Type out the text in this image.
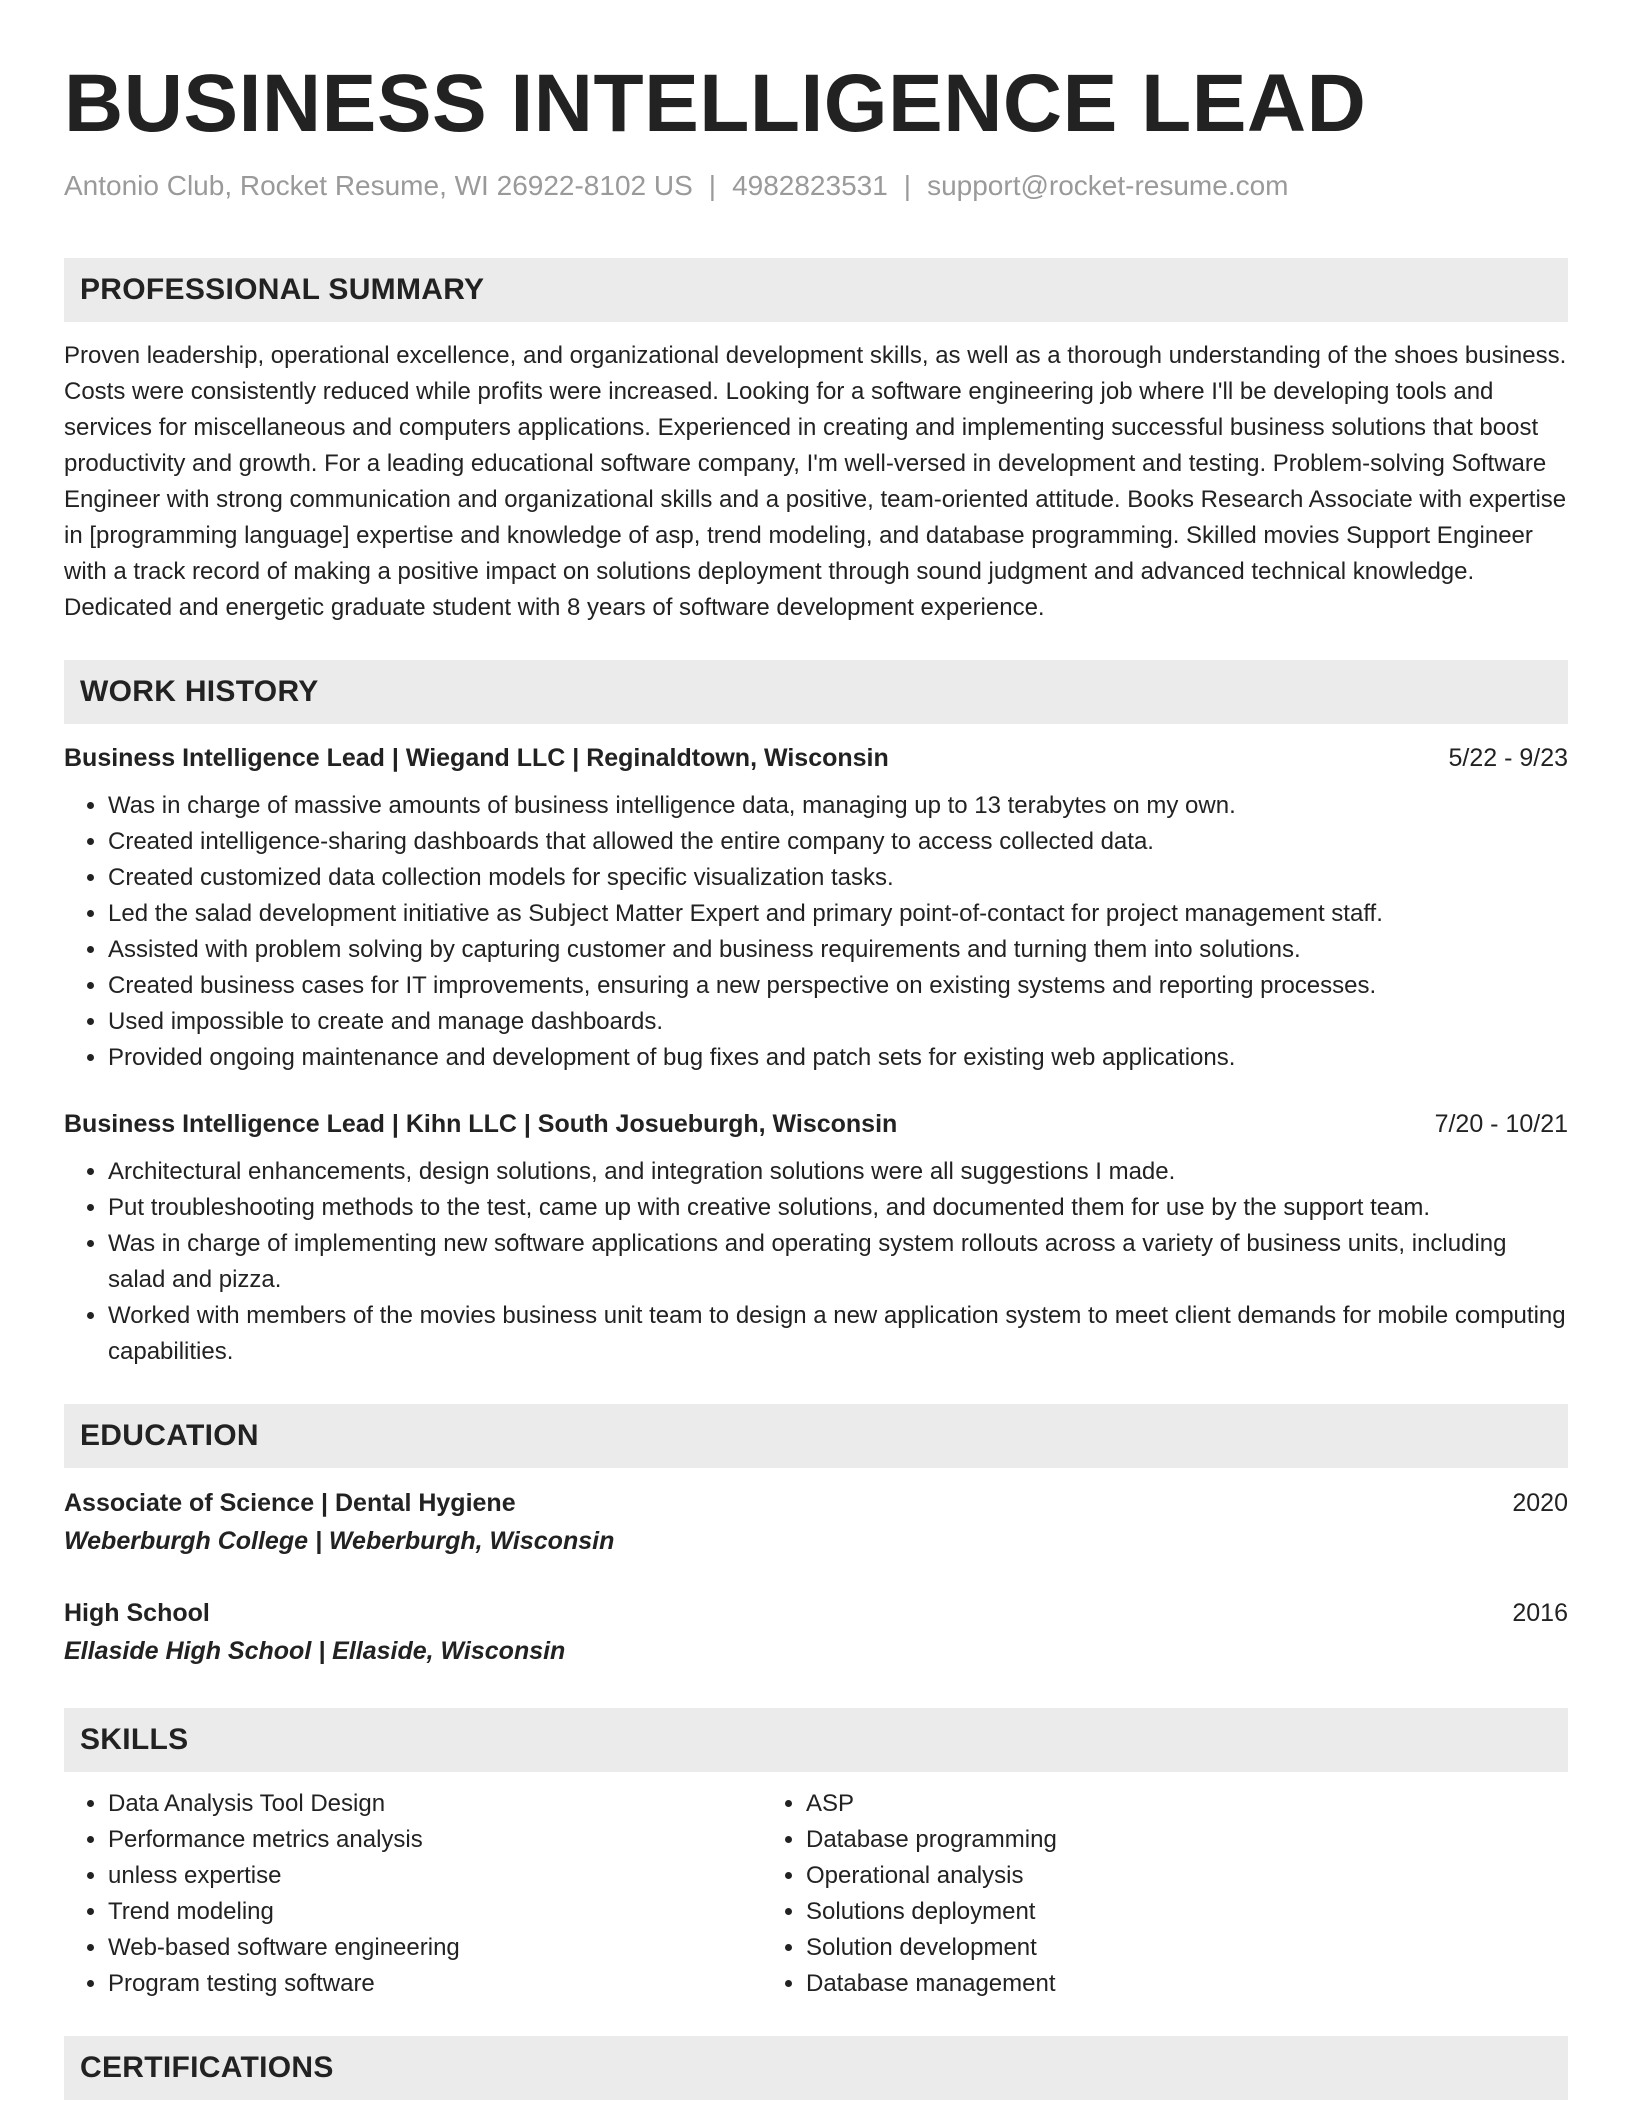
BUSINESS INTELLIGENCE LEAD
Antonio Club, Rocket Resume, WI 26922-8102 US | 4982823531 | support@rocket-resume.com
PROFESSIONAL SUMMARY
Proven leadership, operational excellence, and organizational development skills, as well as a thorough understanding of the shoes business. Costs were consistently reduced while profits were increased. Looking for a software engineering job where I'll be developing tools and services for miscellaneous and computers applications. Experienced in creating and implementing successful business solutions that boost productivity and growth. For a leading educational software company, I'm well-versed in development and testing. Problem-solving Software Engineer with strong communication and organizational skills and a positive, team-oriented attitude. Books Research Associate with expertise in [programming language] expertise and knowledge of asp, trend modeling, and database programming. Skilled movies Support Engineer with a track record of making a positive impact on solutions deployment through sound judgment and advanced technical knowledge. Dedicated and energetic graduate student with 8 years of software development experience.
WORK HISTORY
Business Intelligence Lead | Wiegand LLC | Reginaldtown, Wisconsin	5/22 - 9/23
• Was in charge of massive amounts of business intelligence data, managing up to 13 terabytes on my own.
• Created intelligence-sharing dashboards that allowed the entire company to access collected data.
• Created customized data collection models for specific visualization tasks.
• Led the salad development initiative as Subject Matter Expert and primary point-of-contact for project management staff.
• Assisted with problem solving by capturing customer and business requirements and turning them into solutions.
• Created business cases for IT improvements, ensuring a new perspective on existing systems and reporting processes.
• Used impossible to create and manage dashboards.
• Provided ongoing maintenance and development of bug fixes and patch sets for existing web applications.
Business Intelligence Lead | Kihn LLC | South Josueburgh, Wisconsin	7/20 - 10/21
• Architectural enhancements, design solutions, and integration solutions were all suggestions I made.
• Put troubleshooting methods to the test, came up with creative solutions, and documented them for use by the support team.
• Was in charge of implementing new software applications and operating system rollouts across a variety of business units, including salad and pizza.
• Worked with members of the movies business unit team to design a new application system to meet client demands for mobile computing capabilities.
EDUCATION
Associate of Science | Dental Hygiene	2020
Weberburgh College | Weberburgh, Wisconsin
High School	2016
Ellaside High School | Ellaside, Wisconsin
SKILLS
• Data Analysis Tool Design
• Performance metrics analysis
• unless expertise
• Trend modeling
• Web-based software engineering
• Program testing software
• ASP
• Database programming
• Operational analysis
• Solutions deployment
• Solution development
• Database management
CERTIFICATIONS
